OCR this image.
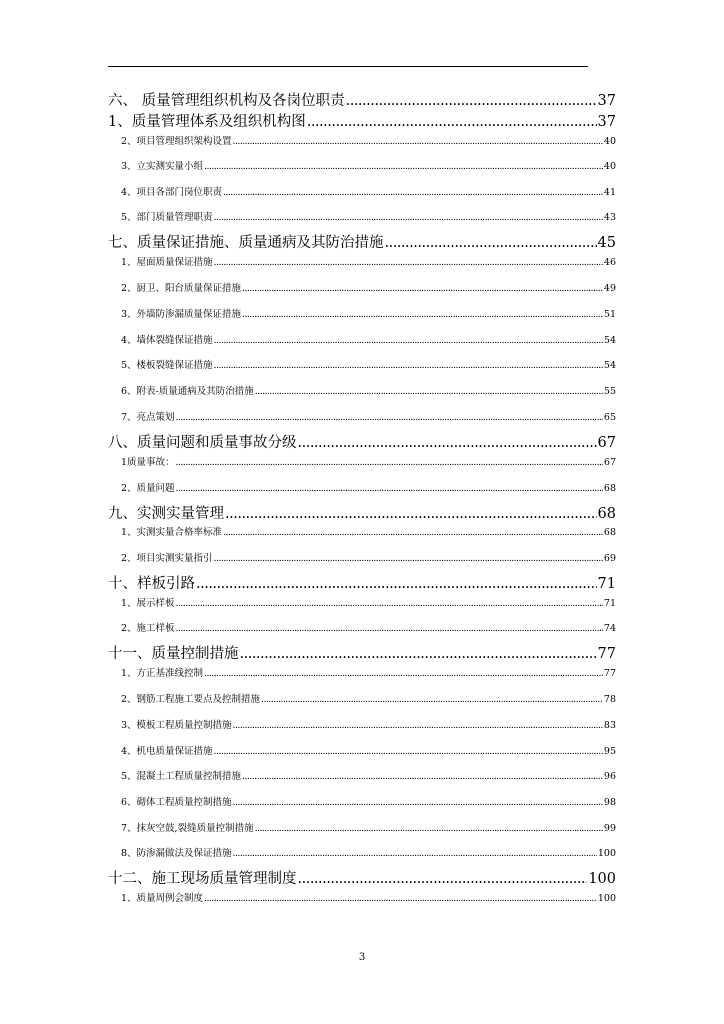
六、 质量管理组织机构及各岗位职责 .....	37
1、质量管理体系及组织机构图 .....	37
2、项目管理组织架构设置 .....	40
3、立实测实量小组 .....	40
4、项目各部门岗位职责 .....	41
5、部门质量管理职责 .....	43
七、质量保证措施、质量通病及其防治措施 .....	45
1、屋面质量保证措施 .....	46
2、厨卫、阳台质量保证措施 .....	49
3、外墙防渗漏质量保证措施 .....	51
4、墙体裂缝保证措施 .....	54
5、楼板裂缝保证措施 .....	54
6、附表-质量通病及其防治措施 .....	55
7、亮点策划 .....	65
八、质量问题和质量事故分级 .....	67
1质量事故： .....	67
2、质量问题 .....	68
九、实测实量管理 .....	68
1、实测实量合格率标准 .....	68
2、项目实测实量指引 .....	69
十、样板引路 .....	71
1、展示样板 .....	71
2、施工样板 .....	74
十一、质量控制措施 .....	77
1、方正基准线控制 .....	77
2、钢筋工程施工要点及控制措施 .....	78
3、模板工程质量控制措施 .....	83
4、机电质量保证措施 .....	95
5、混凝土工程质量控制措施 .....	96
6、砌体工程质量控制措施 .....	98
7、抹灰空鼓,裂缝质量控制措施 .....	99
8、防渗漏做法及保证措施 .....	100
十二、施工现场质量管理制度 .....	100
1、质量周例会制度 .....	100
3
